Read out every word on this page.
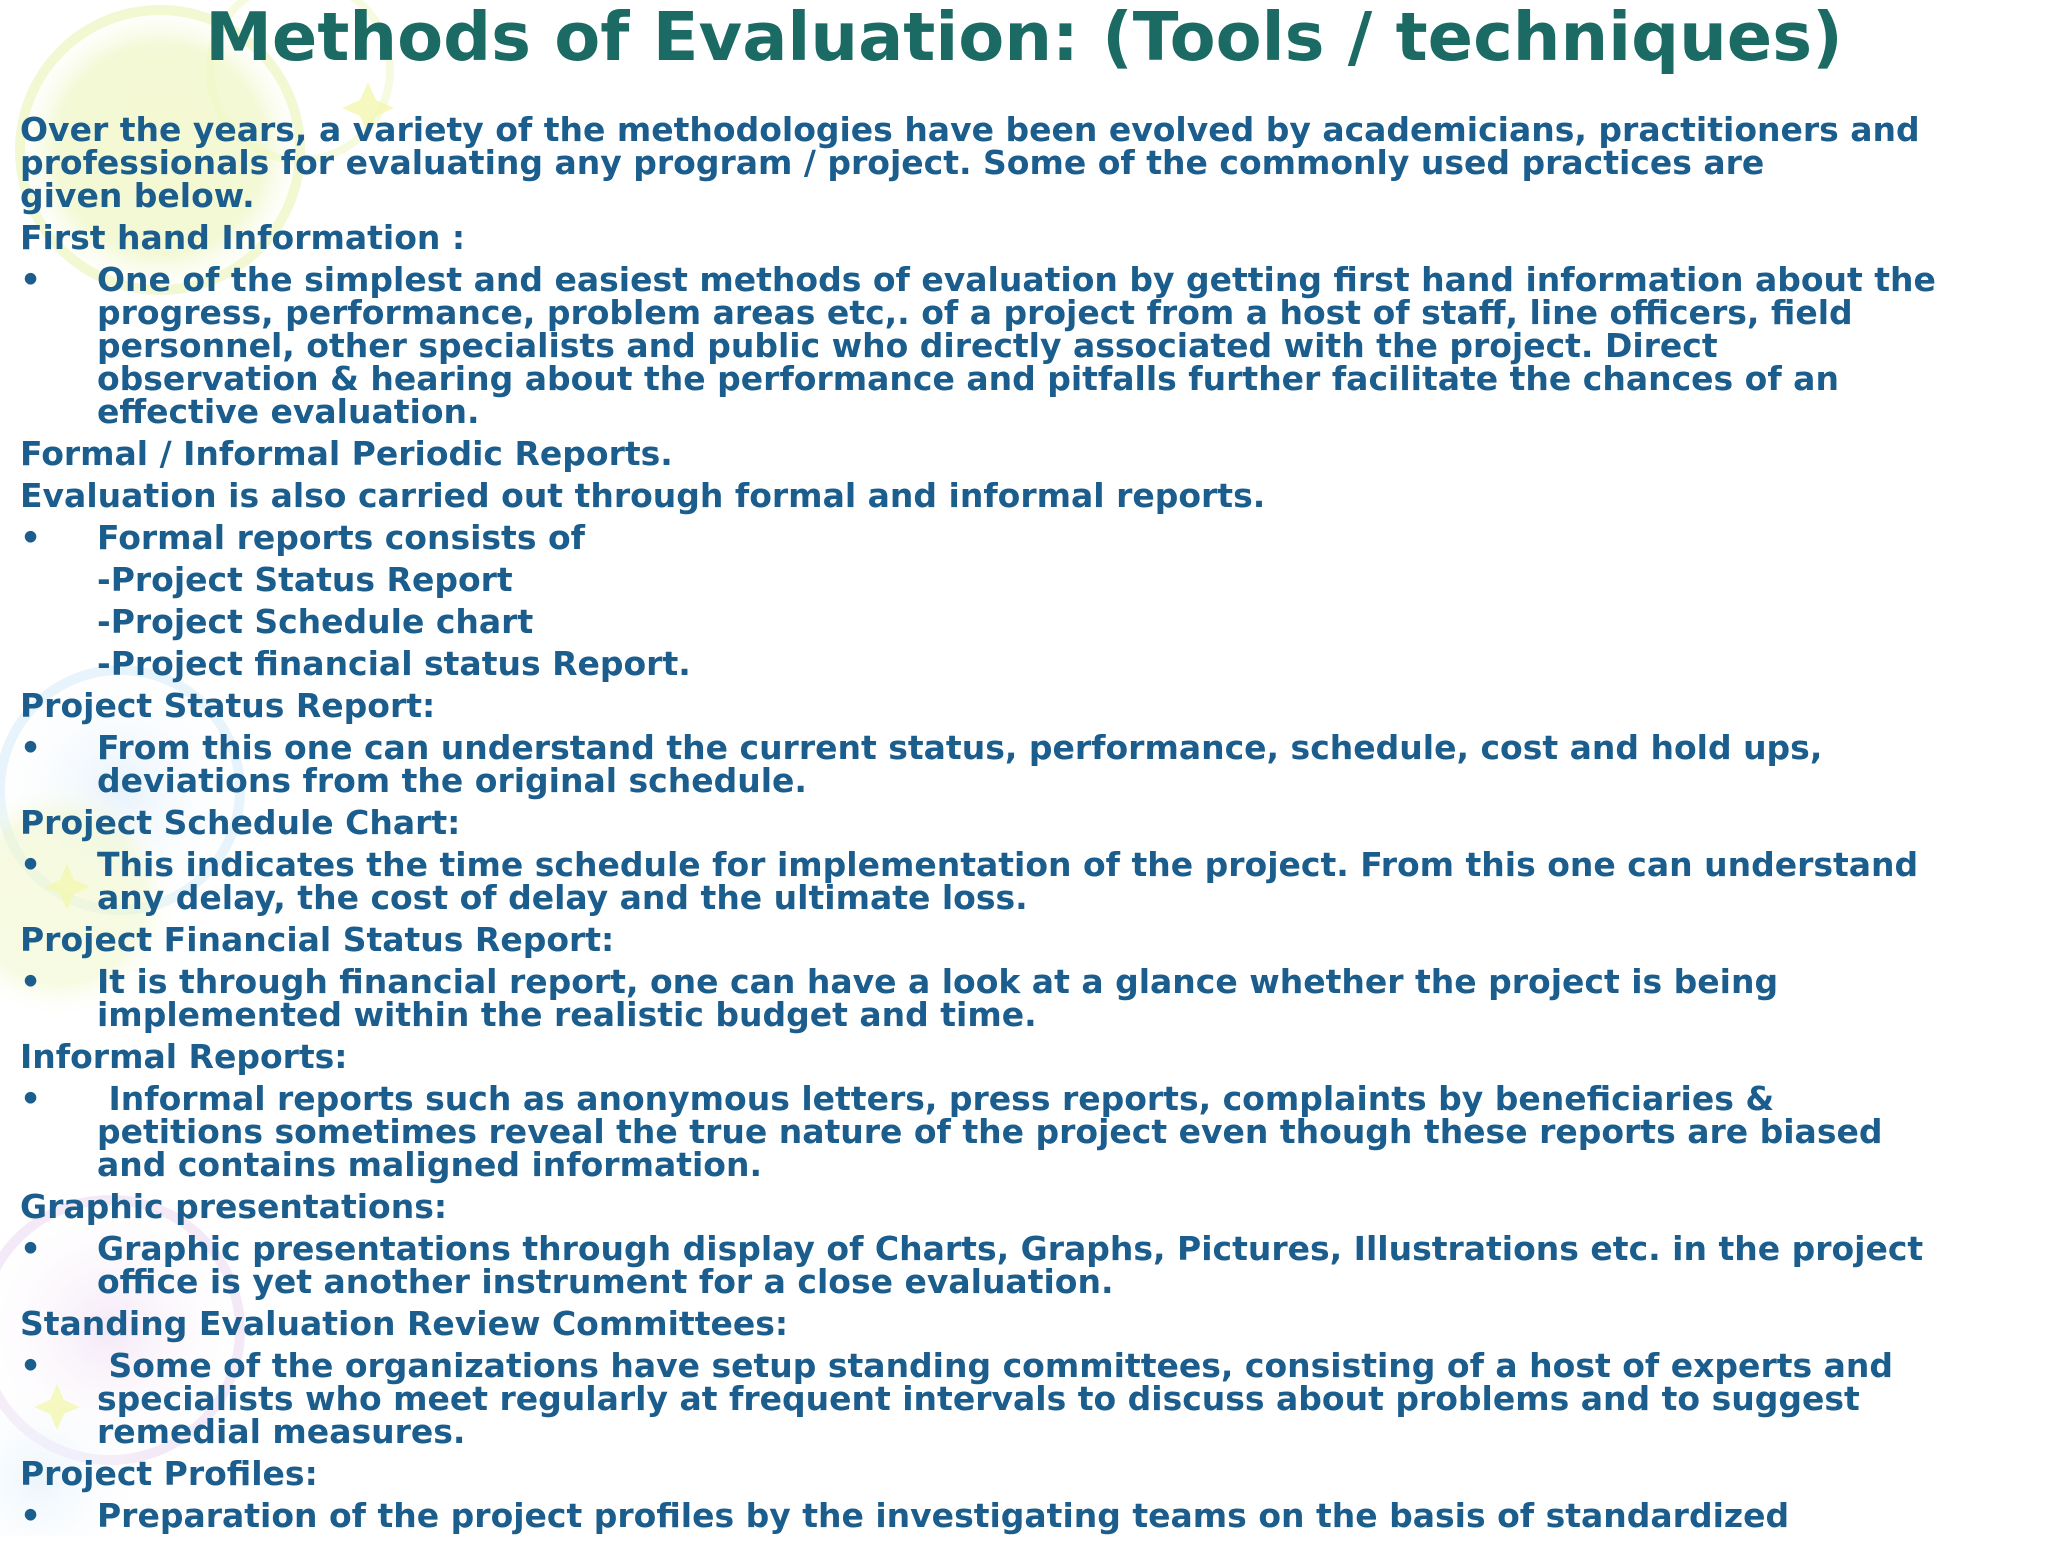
Methods of Evaluation: (Tools / techniques)
Over the years, a variety of the methodologies have been evolved by academicians, practitioners and
professionals for evaluating any program / project. Some of the commonly used practices are
given below.
First hand Information :
• One of the simplest and easiest methods of evaluation by getting first hand information about the
progress, performance, problem areas etc,. of a project from a host of staff, line officers, field
personnel, other specialists and public who directly associated with the project. Direct
observation & hearing about the performance and pitfalls further facilitate the chances of an
effective evaluation.
Formal / Informal Periodic Reports.
Evaluation is also carried out through formal and informal reports.
• Formal reports consists of
-Project Status Report
-Project Schedule chart
-Project financial status Report.
Project Status Report:
• From this one can understand the current status, performance, schedule, cost and hold ups,
deviations from the original schedule.
Project Schedule Chart:
• This indicates the time schedule for implementation of the project. From this one can understand
any delay, the cost of delay and the ultimate loss.
Project Financial Status Report:
• It is through financial report, one can have a look at a glance whether the project is being
implemented within the realistic budget and time.
Informal Reports:
• Informal reports such as anonymous letters, press reports, complaints by beneficiaries &
petitions sometimes reveal the true nature of the project even though these reports are biased
and contains maligned information.
Graphic presentations:
• Graphic presentations through display of Charts, Graphs, Pictures, Illustrations etc. in the project
office is yet another instrument for a close evaluation.
Standing Evaluation Review Committees:
• Some of the organizations have setup standing committees, consisting of a host of experts and
specialists who meet regularly at frequent intervals to discuss about problems and to suggest
remedial measures.
Project Profiles:
• Preparation of the project profiles by the investigating teams on the basis of standardized
